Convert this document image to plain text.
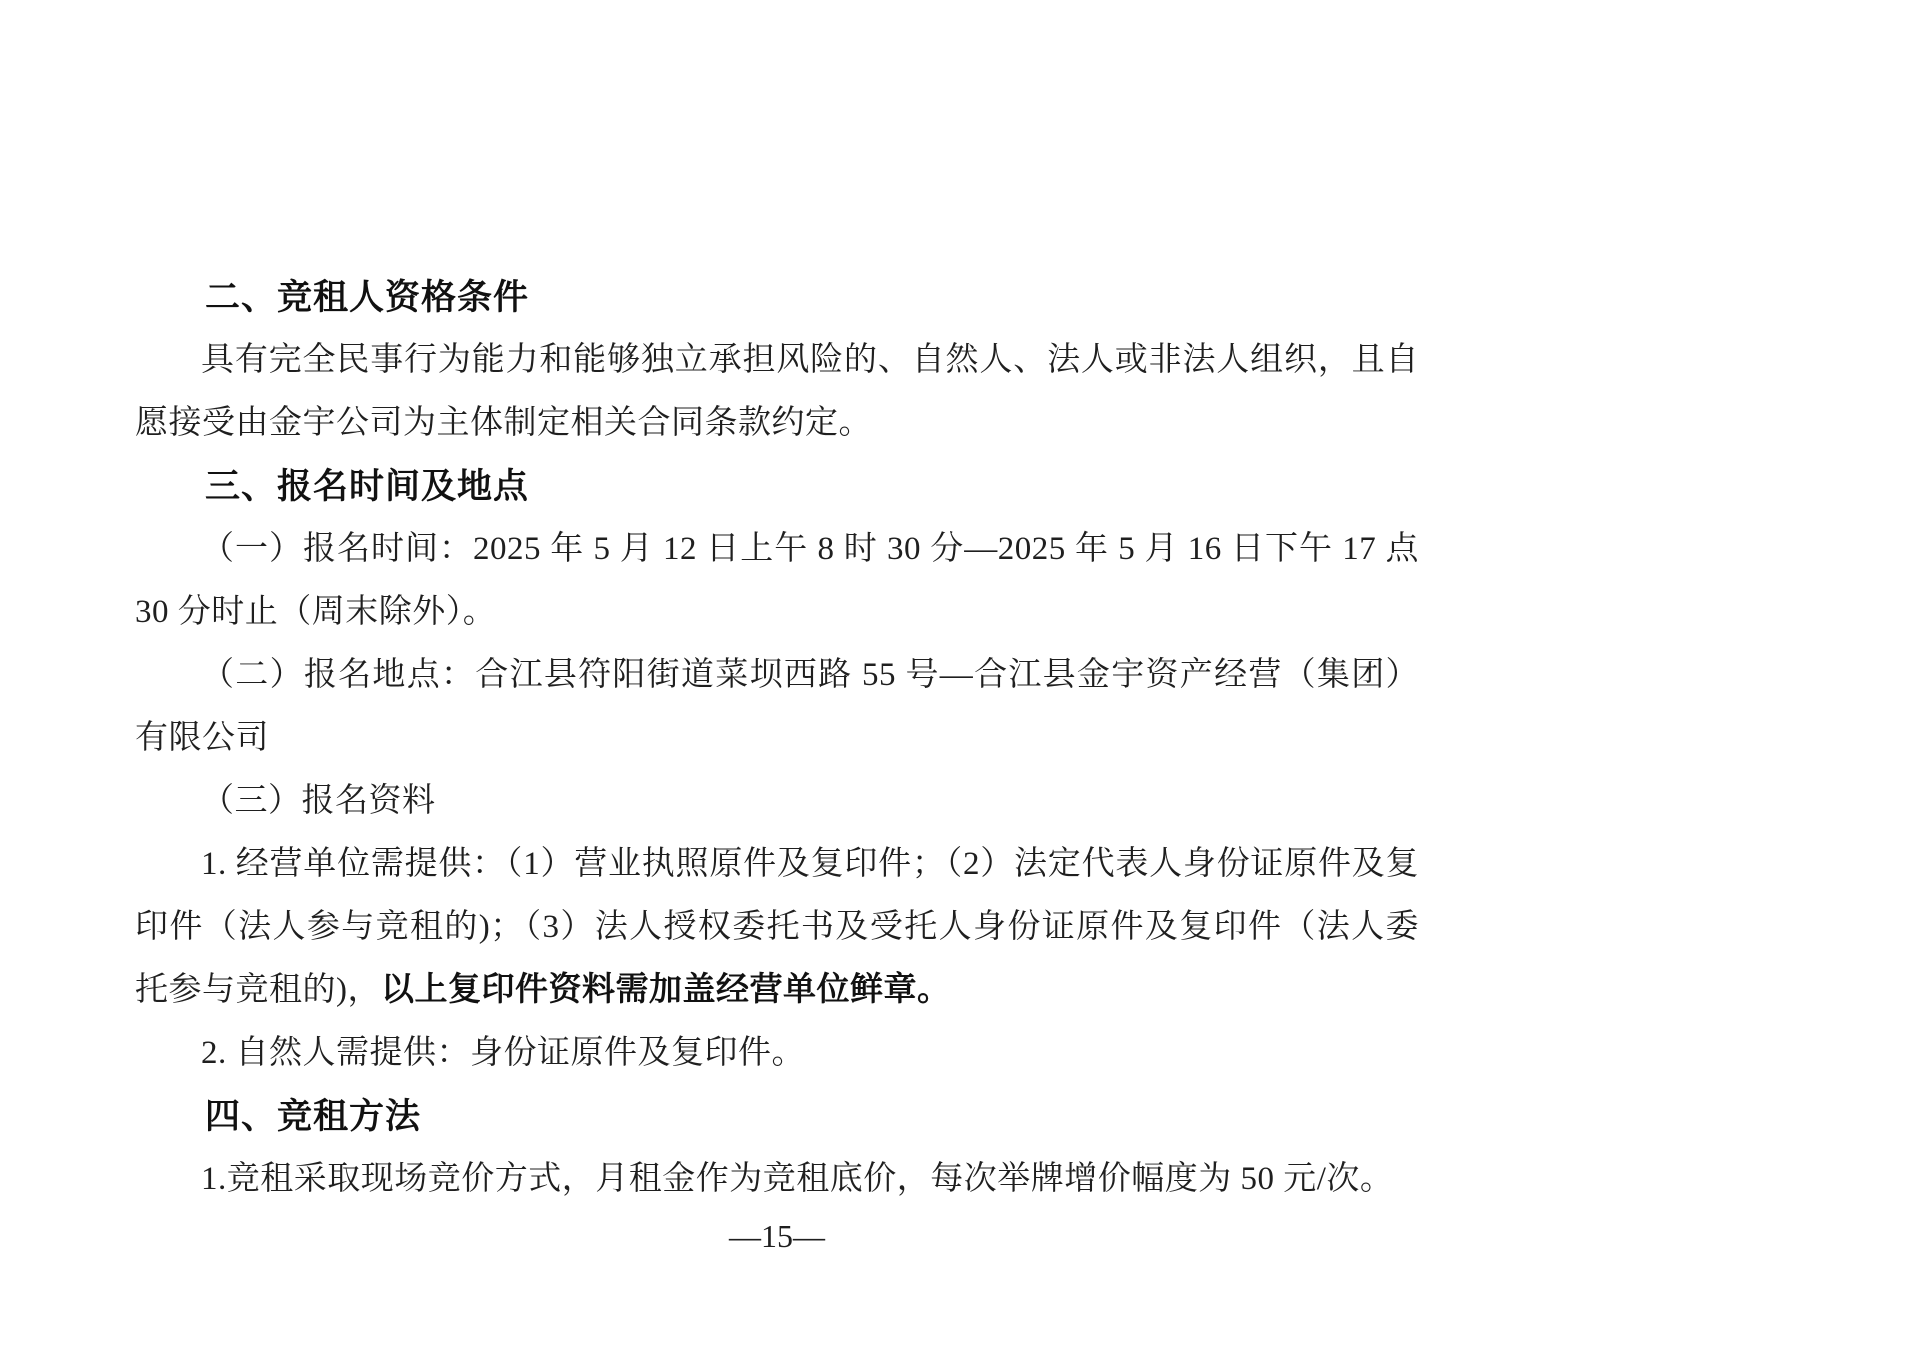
二、竞租人资格条件

具有完全民事行为能力和能够独立承担风险的、自然人、法人或非法人组织，且自愿接受由金宇公司为主体制定相关合同条款约定。

三、报名时间及地点

（一）报名时间：2025 年 5 月 12 日上午 8 时 30 分—2025 年 5 月 16 日下午 17 点 30 分时止（周末除外）。

（二）报名地点：合江县符阳街道菜坝西路 55 号—合江县金宇资产经营（集团）有限公司

（三）报名资料

1. 经营单位需提供：（1）营业执照原件及复印件；（2）法定代表人身份证原件及复印件（法人参与竞租的)；（3）法人授权委托书及受托人身份证原件及复印件（法人委托参与竞租的)，以上复印件资料需加盖经营单位鲜章。

2. 自然人需提供：身份证原件及复印件。

四、竞租方法

1.竞租采取现场竞价方式，月租金作为竞租底价，每次举牌增价幅度为 50 元/次。

—15—
